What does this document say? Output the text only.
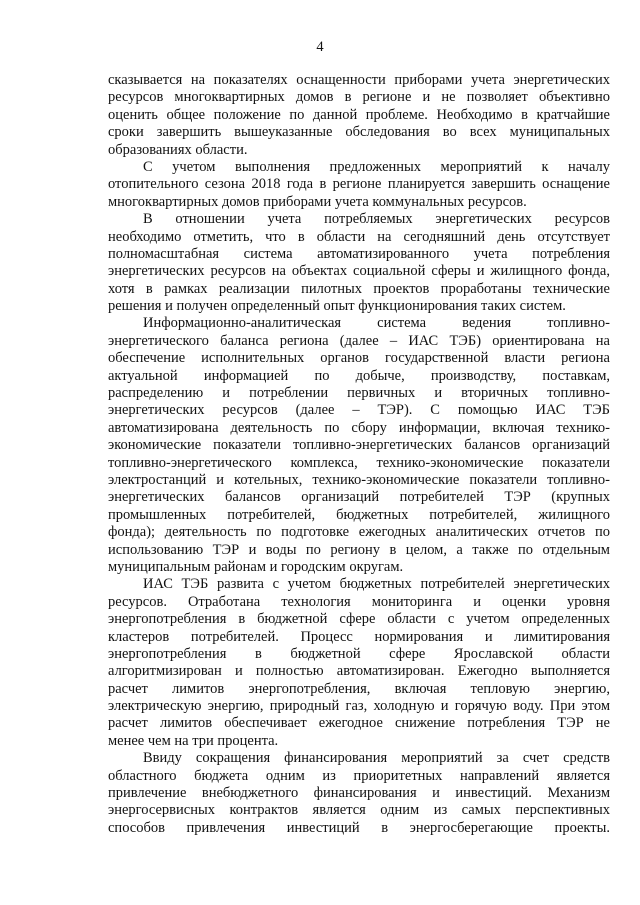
4
сказывается на показателях оснащенности приборами учета энергетических
ресурсов многоквартирных домов в регионе и не позволяет объективно
оценить общее положение по данной проблеме. Необходимо в кратчайшие
сроки завершить вышеуказанные обследования во всех муниципальных
образованиях области.
С учетом выполнения предложенных мероприятий к началу
отопительного сезона 2018 года в регионе планируется завершить оснащение
многоквартирных домов приборами учета коммунальных ресурсов.
В отношении учета потребляемых энергетических ресурсов
необходимо отметить, что в области на сегодняшний день отсутствует
полномасштабная система автоматизированного учета потребления
энергетических ресурсов на объектах социальной сферы и жилищного фонда,
хотя в рамках реализации пилотных проектов проработаны технические
решения и получен определенный опыт функционирования таких систем.
Информационно-аналитическая система ведения топливно-
энергетического баланса региона (далее – ИАС ТЭБ) ориентирована на
обеспечение исполнительных органов государственной власти региона
актуальной информацией по добыче, производству, поставкам,
распределению и потреблении первичных и вторичных топливно-
энергетических ресурсов (далее – ТЭР). С помощью ИАС ТЭБ
автоматизирована деятельность по сбору информации, включая технико-
экономические показатели топливно-энергетических балансов организаций
топливно-энергетического комплекса, технико-экономические показатели
электростанций и котельных, технико-экономические показатели топливно-
энергетических балансов организаций потребителей ТЭР (крупных
промышленных потребителей, бюджетных потребителей, жилищного
фонда); деятельность по подготовке ежегодных аналитических отчетов по
использованию ТЭР и воды по региону в целом, а также по отдельным
муниципальным районам и городским округам.
ИАС ТЭБ развита с учетом бюджетных потребителей энергетических
ресурсов. Отработана технология мониторинга и оценки уровня
энергопотребления в бюджетной сфере области с учетом определенных
кластеров потребителей. Процесс нормирования и лимитирования
энергопотребления в бюджетной сфере Ярославской области
алгоритмизирован и полностью автоматизирован. Ежегодно выполняется
расчет лимитов энергопотребления, включая тепловую энергию,
электрическую энергию, природный газ, холодную и горячую воду. При этом
расчет лимитов обеспечивает ежегодное снижение потребления ТЭР не
менее чем на три процента.
Ввиду сокращения финансирования мероприятий за счет средств
областного бюджета одним из приоритетных направлений является
привлечение внебюджетного финансирования и инвестиций. Механизм
энергосервисных контрактов является одним из самых перспективных
способов привлечения инвестиций в энергосберегающие проекты.
